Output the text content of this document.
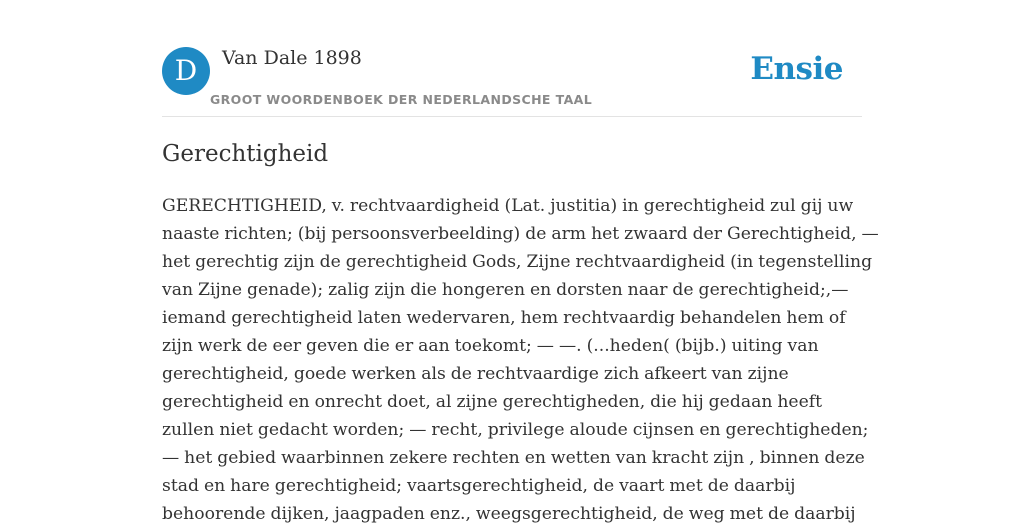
D	Van Dale 1898
GROOT WOORDENBOEK DER NEDERLANDSCHE TAAL
Ensie
Gerechtigheid

GERECHTIGHEID, v. rechtvaardigheid (Lat. justitia) in gerechtigheid zul gij uw
naaste richten; (bij persoonsverbeelding) de arm het zwaard der Gerechtigheid, —
het gerechtig zijn de gerechtigheid Gods, Zijne rechtvaardigheid (in tegenstelling
van Zijne genade); zalig zijn die hongeren en dorsten naar de gerechtigheid;,—
iemand gerechtigheid laten wedervaren, hem rechtvaardig behandelen hem of
zijn werk de eer geven die er aan toekomt; — —. (...heden( (bijb.) uiting van
gerechtigheid, goede werken als de rechtvaardige zich afkeert van zijne
gerechtigheid en onrecht doet, al zijne gerechtigheden, die hij gedaan heeft
zullen niet gedacht worden; — recht, privilege aloude cijnsen en gerechtigheden;
— het gebied waarbinnen zekere rechten en wetten van kracht zijn , binnen deze
stad en hare gerechtigheid; vaartsgerechtigheid, de vaart met de daarbij
behoorende dijken, jaagpaden enz., weegsgerechtigheid, de weg met de daarbij
